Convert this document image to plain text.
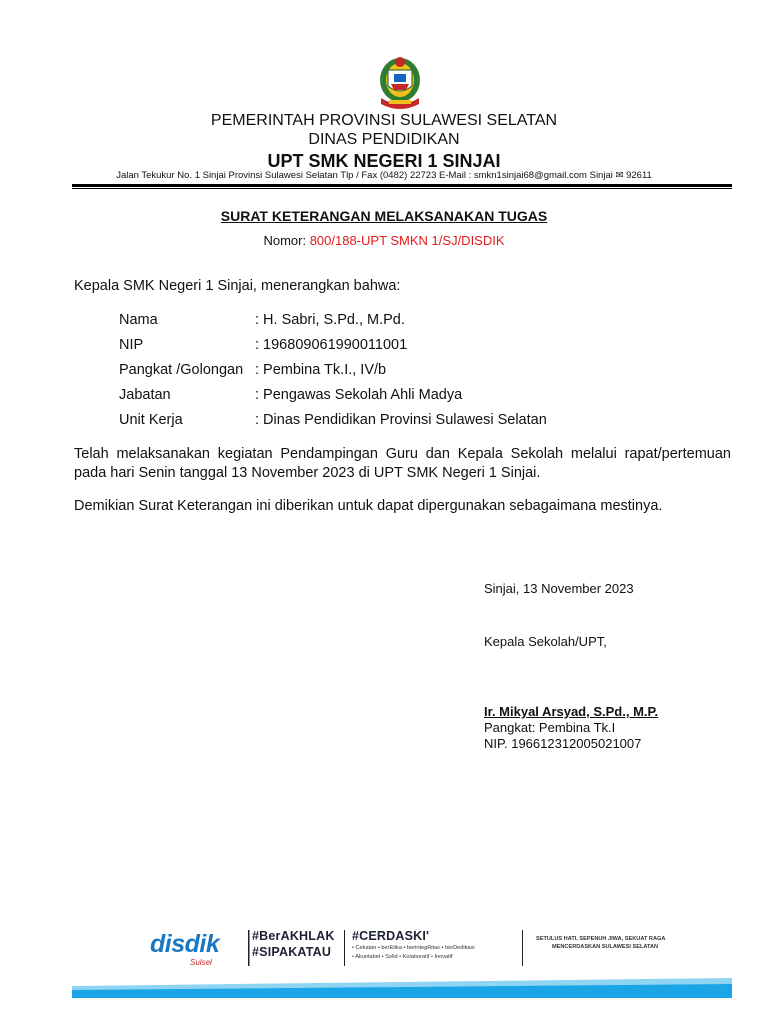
PEMERINTAH PROVINSI SULAWESI SELATAN
DINAS PENDIDIKAN
UPT SMK NEGERI 1 SINJAI
Jalan Tekukur No. 1 Sinjai Provinsi Sulawesi Selatan Tlp / Fax (0482) 22723 E-Mail : smkn1sinjai68@gmail.com Sinjai ✉ 92611
SURAT KETERANGAN MELAKSANAKAN TUGAS
Nomor: 800/188-UPT SMKN 1/SJ/DISDIK
Kepala SMK Negeri 1 Sinjai, menerangkan bahwa:
Nama	: H. Sabri, S.Pd., M.Pd.
NIP	: 196809061990011001
Pangkat /Golongan : Pembina Tk.I., IV/b
Jabatan	: Pengawas Sekolah Ahli Madya
Unit Kerja	: Dinas Pendidikan Provinsi Sulawesi Selatan
Telah melaksanakan kegiatan Pendampingan Guru dan Kepala Sekolah melalui rapat/pertemuan pada hari Senin tanggal 13 November 2023 di UPT SMK Negeri 1 Sinjai.
Demikian Surat Keterangan ini diberikan untuk dapat dipergunakan sebagaimana mestinya.
Sinjai, 13 November 2023
Kepala Sekolah/UPT,
Ir. Mikyal Arsyad, S.Pd., M.P.
Pangkat: Pembina Tk.I
NIP. 196612312005021007
disdik
Sulsel
#BerAKHLAK
#SIPAKATAU
#CERDASKI'
• Cekatan • berEtika • berintegRitas • berDedikasi
• Akuntabel • Solid • Kolaboratif • Inovatif
SETULUS HATI, SEPENUH JIWA, SEKUAT RAGA
MENCERDASKAN SULAWESI SELATAN
